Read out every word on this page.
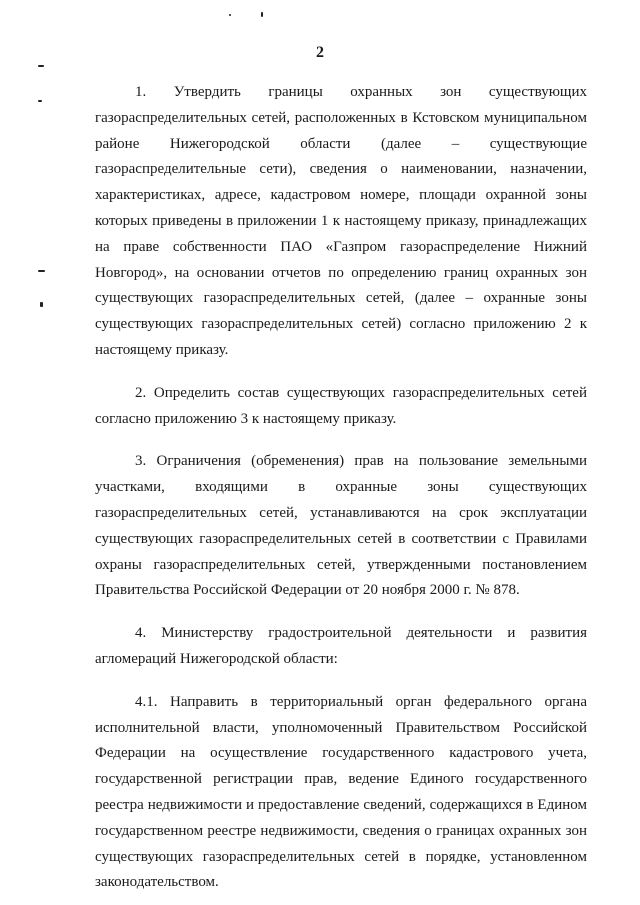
2

1. Утвердить границы охранных зон существующих газораспределительных сетей, расположенных в Кстовском муниципальном районе Нижегородской области (далее – существующие газораспределительные сети), сведения о наименовании, назначении, характеристиках, адресе, кадастровом номере, площади охранной зоны которых приведены в приложении 1 к настоящему приказу, принадлежащих на праве собственности ПАО «Газпром газораспределение Нижний Новгород», на основании отчетов по определению границ охранных зон существующих газораспределительных сетей, (далее – охранные зоны существующих газораспределительных сетей) согласно приложению 2 к настоящему приказу.

2. Определить состав существующих газораспределительных сетей согласно приложению 3 к настоящему приказу.

3. Ограничения (обременения) прав на пользование земельными участками, входящими в охранные зоны существующих газораспределительных сетей, устанавливаются на срок эксплуатации существующих газораспределительных сетей в соответствии с Правилами охраны газораспределительных сетей, утвержденными постановлением Правительства Российской Федерации от 20 ноября 2000 г. № 878.

4. Министерству градостроительной деятельности и развития агломераций Нижегородской области:

4.1. Направить в территориальный орган федерального органа исполнительной власти, уполномоченный Правительством Российской Федерации на осуществление государственного кадастрового учета, государственной регистрации прав, ведение Единого государственного реестра недвижимости и предоставление сведений, содержащихся в Едином государственном реестре недвижимости, сведения о границах охранных зон существующих газораспределительных сетей в порядке, установленном законодательством.
